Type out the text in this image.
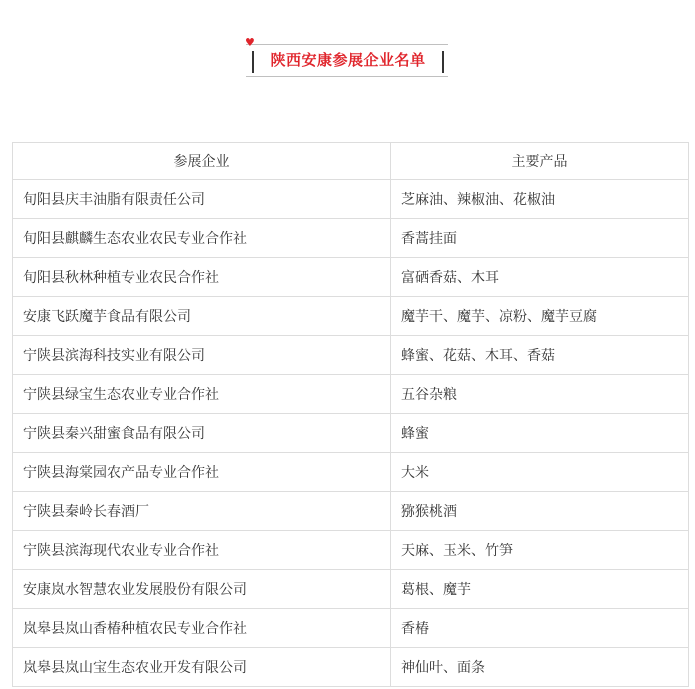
♥
陕西安康参展企业名单
参展企业	主要产品
旬阳县庆丰油脂有限责任公司	芝麻油、辣椒油、花椒油
旬阳县麒麟生态农业农民专业合作社	香蒿挂面
旬阳县秋林种植专业农民合作社	富硒香菇、木耳
安康飞跃魔芋食品有限公司	魔芋干、魔芋、凉粉、魔芋豆腐
宁陕县滨海科技实业有限公司	蜂蜜、花菇、木耳、香菇
宁陕县绿宝生态农业专业合作社	五谷杂粮
宁陕县秦兴甜蜜食品有限公司	蜂蜜
宁陕县海棠园农产品专业合作社	大米
宁陕县秦岭长春酒厂	猕猴桃酒
宁陕县滨海现代农业专业合作社	天麻、玉米、竹笋
安康岚水智慧农业发展股份有限公司	葛根、魔芋
岚皋县岚山香椿种植农民专业合作社	香椿
岚皋县岚山宝生态农业开发有限公司	神仙叶、面条
